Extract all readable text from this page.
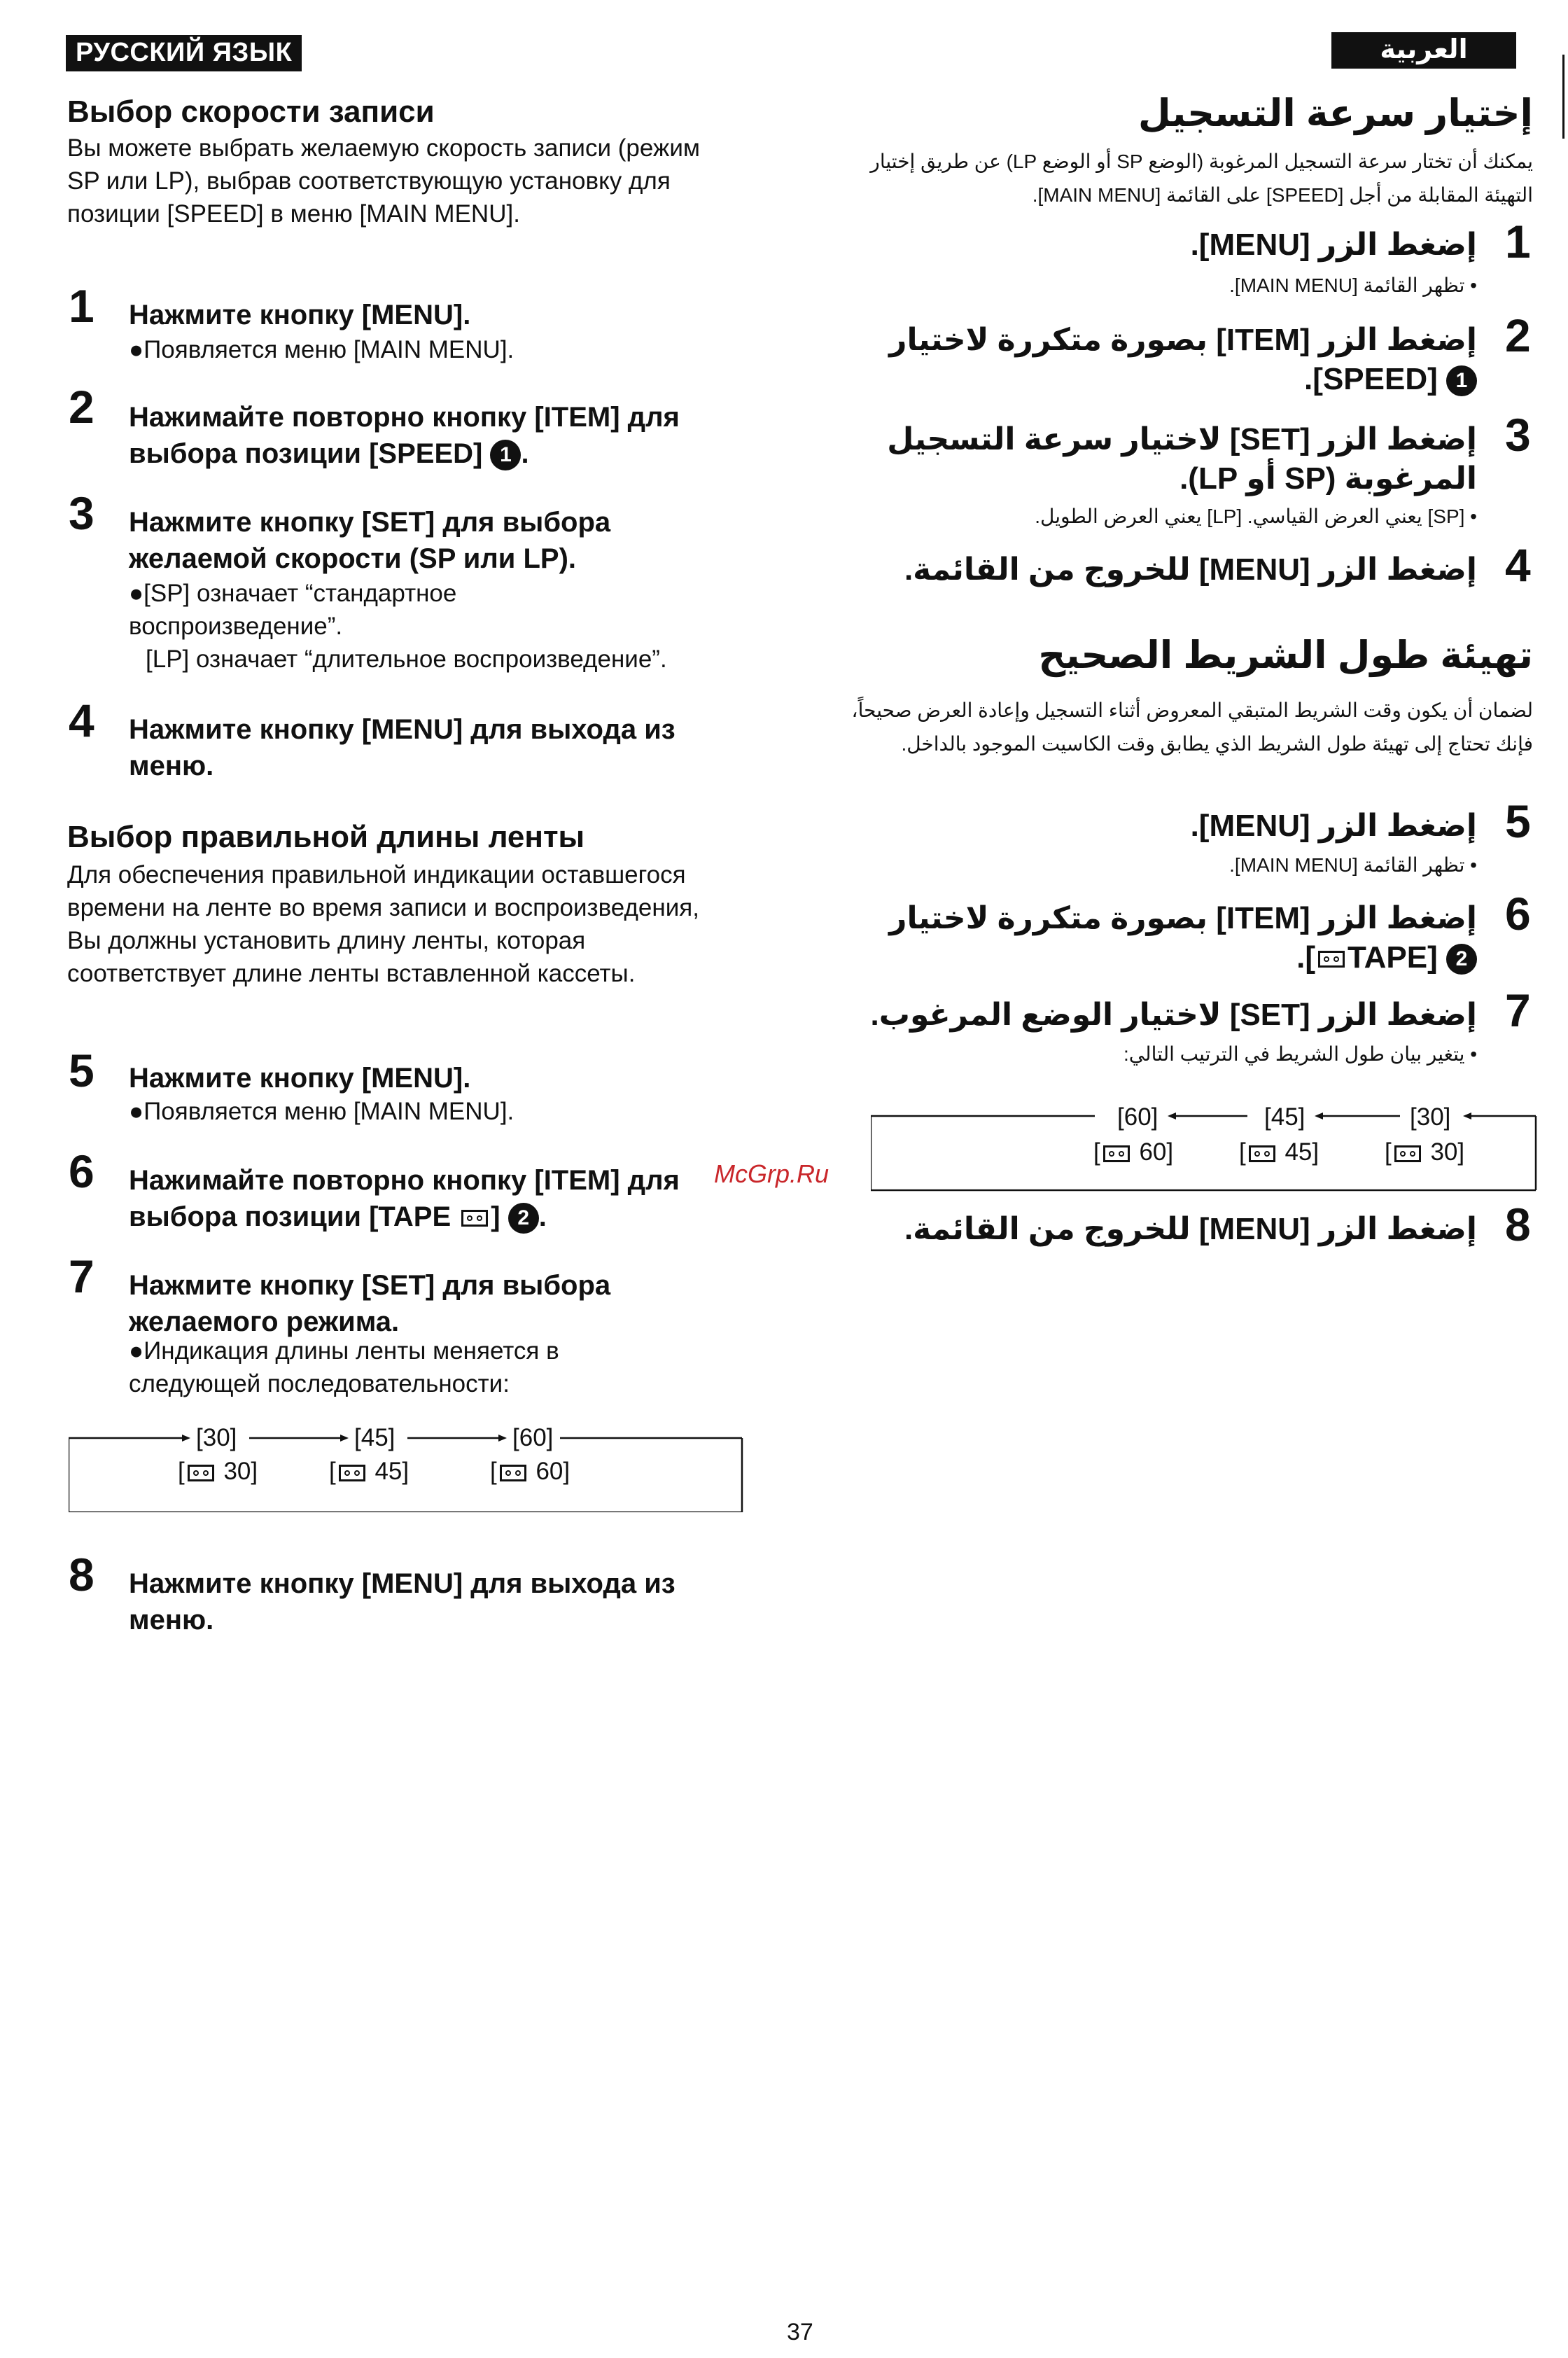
РУССКИЙ ЯЗЫК
Выбор скорости записи
Вы можете выбрать желаемую скорость записи (режим SP или LP), выбрав соответствующую установку для позиции [SPEED] в меню [MAIN MENU].
1 Нажмите кнопку [MENU].
●Появляется меню [MAIN MENU].
2 Нажимайте повторно кнопку [ITEM] для выбора позиции [SPEED] 1 .
3 Нажмите кнопку [SET] для выбора желаемой скорости (SP или LP).
●[SP] означает “стандартное воспроизведение”.
[LP] означает “длительное воспроизведение”.
4 Нажмите кнопку [MENU] для выхода из меню.
Выбор правильной длины ленты
Для обеспечения правильной индикации оставшегося времени на ленте во время записи и воспроизведения, Вы должны установить длину ленты, которая соответствует длине ленты вставленной кассеты.
5 Нажмите кнопку [MENU].
●Появляется меню [MAIN MENU].
6 Нажимайте повторно кнопку [ITEM] для выбора позиции [TAPE ] 2 .
7 Нажмите кнопку [SET] для выбора желаемого режима.
●Индикация длины ленты меняется в следующей последовательности:
[30]	[45]	[60]
[ 30]	[ 45]	[ 60]
8 Нажмите кнопку [MENU] для выхода из меню.
McGrp.Ru
العربية
إختيار سرعة التسجيل
يمكنك أن تختار سرعة التسجيل المرغوبة (الوضع SP أو الوضع LP) عن طريق إختيار
التهيئة المقابلة من أجل [SPEED] على القائمة [MAIN MENU].
1
إضغط الزر [MENU].
• تظهر القائمة [MAIN MENU].
2
إضغط الزر [ITEM] بصورة متكررة لاختيار
1 [SPEED].
3
إضغط الزر [SET] لاختيار سرعة التسجيل
المرغوبة (SP أو LP).
• [SP] يعني العرض القياسي. [LP] يعني العرض الطويل.
4
إضغط الزر [MENU] للخروج من القائمة.
تهيئة طول الشريط الصحيح
لضمان أن يكون وقت الشريط المتبقي المعروض أثناء التسجيل وإعادة العرض صحيحاً،
فإنك تحتاج إلى تهيئة طول الشريط الذي يطابق وقت الكاسيت الموجود بالداخل.
5
إضغط الزر [MENU].
• تظهر القائمة [MAIN MENU].
6
إضغط الزر [ITEM] بصورة متكررة لاختيار
2 [TAPE].
7
إضغط الزر [SET] لاختيار الوضع المرغوب.
• يتغير بيان طول الشريط في الترتيب التالي:
[60]	[45]	[30]
[ 60]	[ 45]	[ 30]
8
إضغط الزر [MENU] للخروج من القائمة.
37
